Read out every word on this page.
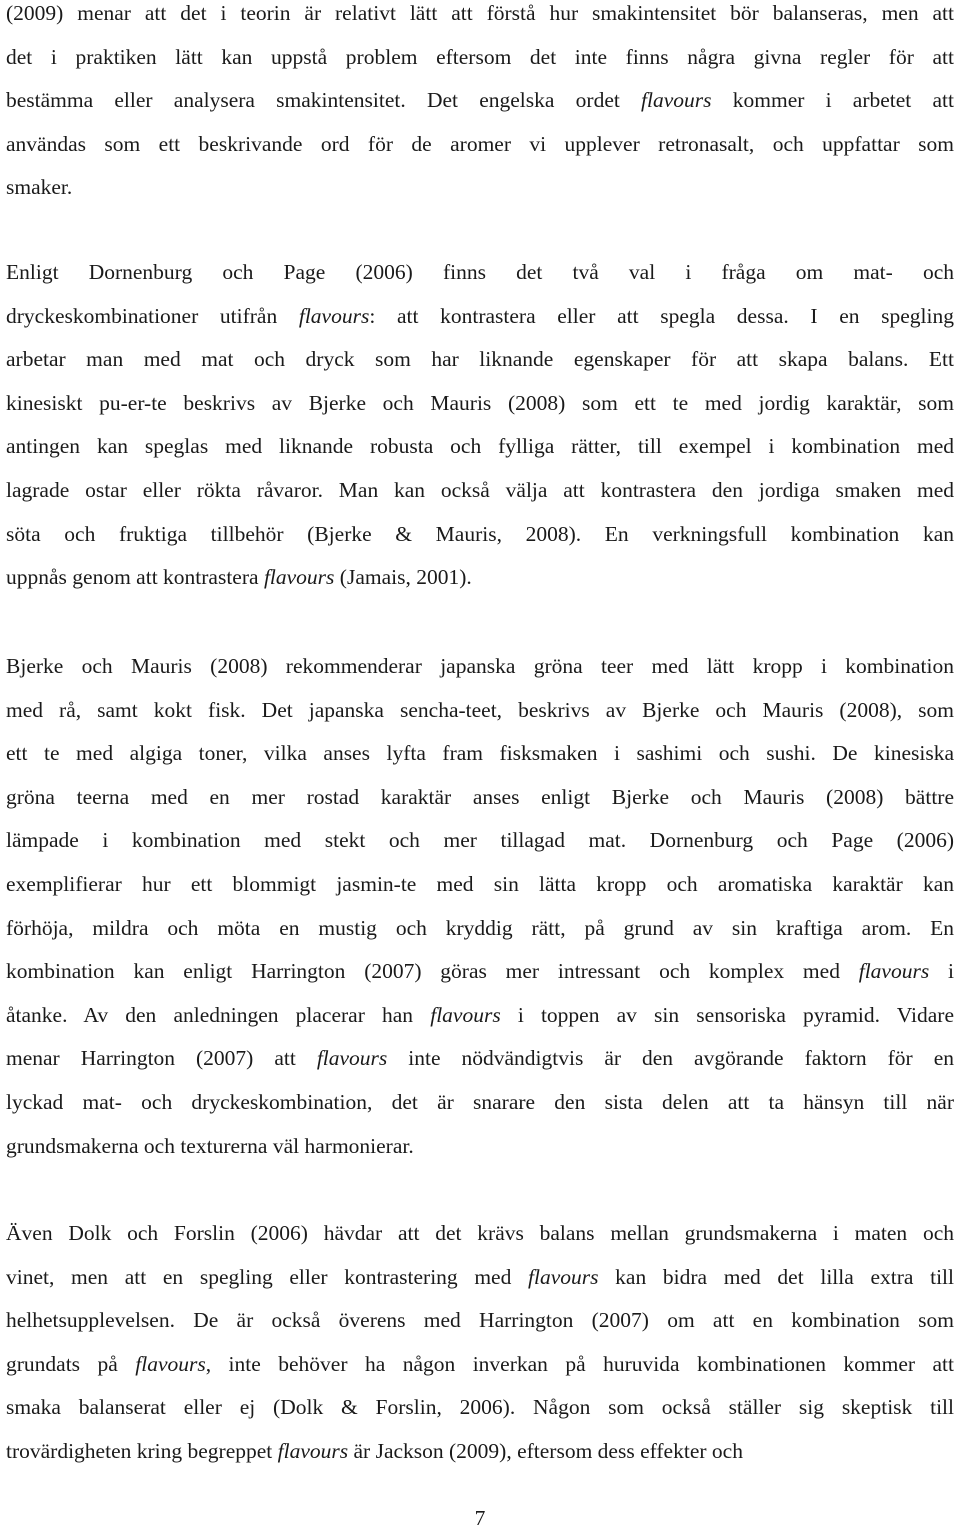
(2009) menar att det i teorin är relativt lätt att förstå hur smakintensitet bör balanseras, men att
det i praktiken lätt kan uppstå problem eftersom det inte finns några givna regler för att
bestämma eller analysera smakintensitet. Det engelska ordet flavours kommer i arbetet att
användas som ett beskrivande ord för de aromer vi upplever retronasalt, och uppfattar som
smaker.
Enligt Dornenburg och Page (2006) finns det två val i fråga om mat- och
dryckeskombinationer utifrån flavours: att kontrastera eller att spegla dessa. I en spegling
arbetar man med mat och dryck som har liknande egenskaper för att skapa balans. Ett
kinesiskt pu-er-te beskrivs av Bjerke och Mauris (2008) som ett te med jordig karaktär, som
antingen kan speglas med liknande robusta och fylliga rätter, till exempel i kombination med
lagrade ostar eller rökta råvaror. Man kan också välja att kontrastera den jordiga smaken med
söta och fruktiga tillbehör (Bjerke & Mauris, 2008). En verkningsfull kombination kan
uppnås genom att kontrastera flavours (Jamais, 2001).
Bjerke och Mauris (2008) rekommenderar japanska gröna teer med lätt kropp i kombination
med rå, samt kokt fisk. Det japanska sencha-teet, beskrivs av Bjerke och Mauris (2008), som
ett te med algiga toner, vilka anses lyfta fram fisksmaken i sashimi och sushi. De kinesiska
gröna teerna med en mer rostad karaktär anses enligt Bjerke och Mauris (2008) bättre
lämpade i kombination med stekt och mer tillagad mat. Dornenburg och Page (2006)
exemplifierar hur ett blommigt jasmin-te med sin lätta kropp och aromatiska karaktär kan
förhöja, mildra och möta en mustig och kryddig rätt, på grund av sin kraftiga arom. En
kombination kan enligt Harrington (2007) göras mer intressant och komplex med flavours i
åtanke. Av den anledningen placerar han flavours i toppen av sin sensoriska pyramid. Vidare
menar Harrington (2007) att flavours inte nödvändigtvis är den avgörande faktorn för en
lyckad mat- och dryckeskombination, det är snarare den sista delen att ta hänsyn till när
grundsmakerna och texturerna väl harmonierar.
Även Dolk och Forslin (2006) hävdar att det krävs balans mellan grundsmakerna i maten och
vinet, men att en spegling eller kontrastering med flavours kan bidra med det lilla extra till
helhetsupplevelsen. De är också överens med Harrington (2007) om att en kombination som
grundats på flavours, inte behöver ha någon inverkan på huruvida kombinationen kommer att
smaka balanserat eller ej (Dolk & Forslin, 2006). Någon som också ställer sig skeptisk till
trovärdigheten kring begreppet flavours är Jackson (2009), eftersom dess effekter och
7
